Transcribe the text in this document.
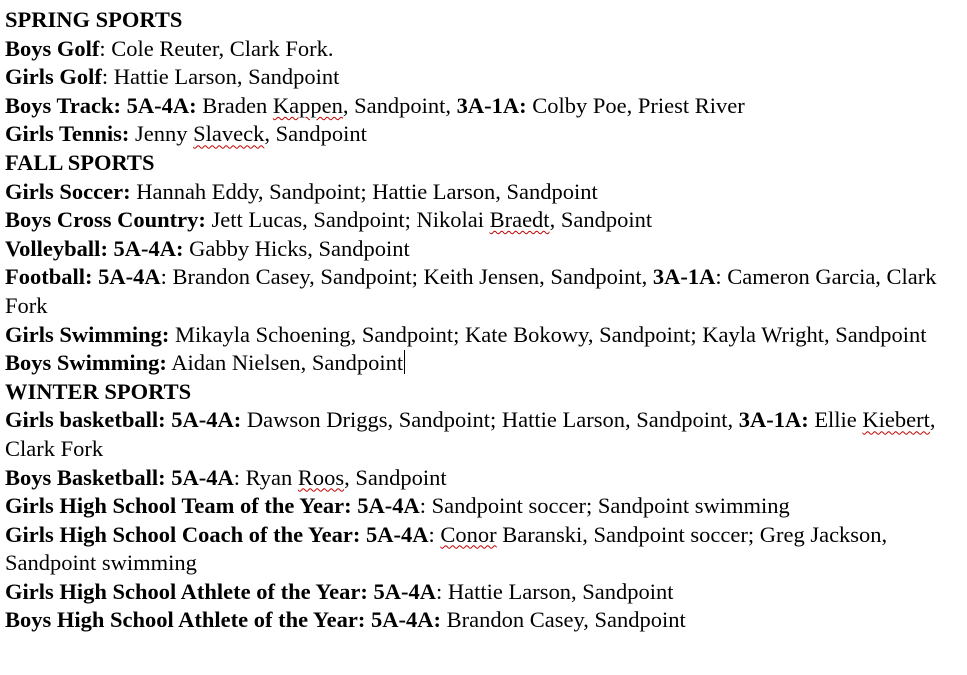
SPRING SPORTS
Boys Golf: Cole Reuter, Clark Fork.
Girls Golf: Hattie Larson, Sandpoint
Boys Track: 5A-4A: Braden Kappen, Sandpoint, 3A-1A: Colby Poe, Priest River
Girls Tennis: Jenny Slaveck, Sandpoint
FALL SPORTS
Girls Soccer: Hannah Eddy, Sandpoint; Hattie Larson, Sandpoint
Boys Cross Country: Jett Lucas, Sandpoint; Nikolai Braedt, Sandpoint
Volleyball: 5A-4A: Gabby Hicks, Sandpoint
Football: 5A-4A: Brandon Casey, Sandpoint; Keith Jensen, Sandpoint, 3A-1A: Cameron Garcia, Clark Fork
Girls Swimming: Mikayla Schoening, Sandpoint; Kate Bokowy, Sandpoint; Kayla Wright, Sandpoint
Boys Swimming: Aidan Nielsen, Sandpoint
WINTER SPORTS
Girls basketball: 5A-4A: Dawson Driggs, Sandpoint; Hattie Larson, Sandpoint, 3A-1A: Ellie Kiebert, Clark Fork
Boys Basketball: 5A-4A: Ryan Roos, Sandpoint
Girls High School Team of the Year: 5A-4A: Sandpoint soccer; Sandpoint swimming
Girls High School Coach of the Year: 5A-4A: Conor Baranski, Sandpoint soccer; Greg Jackson, Sandpoint swimming
Girls High School Athlete of the Year: 5A-4A: Hattie Larson, Sandpoint
Boys High School Athlete of the Year: 5A-4A: Brandon Casey, Sandpoint
